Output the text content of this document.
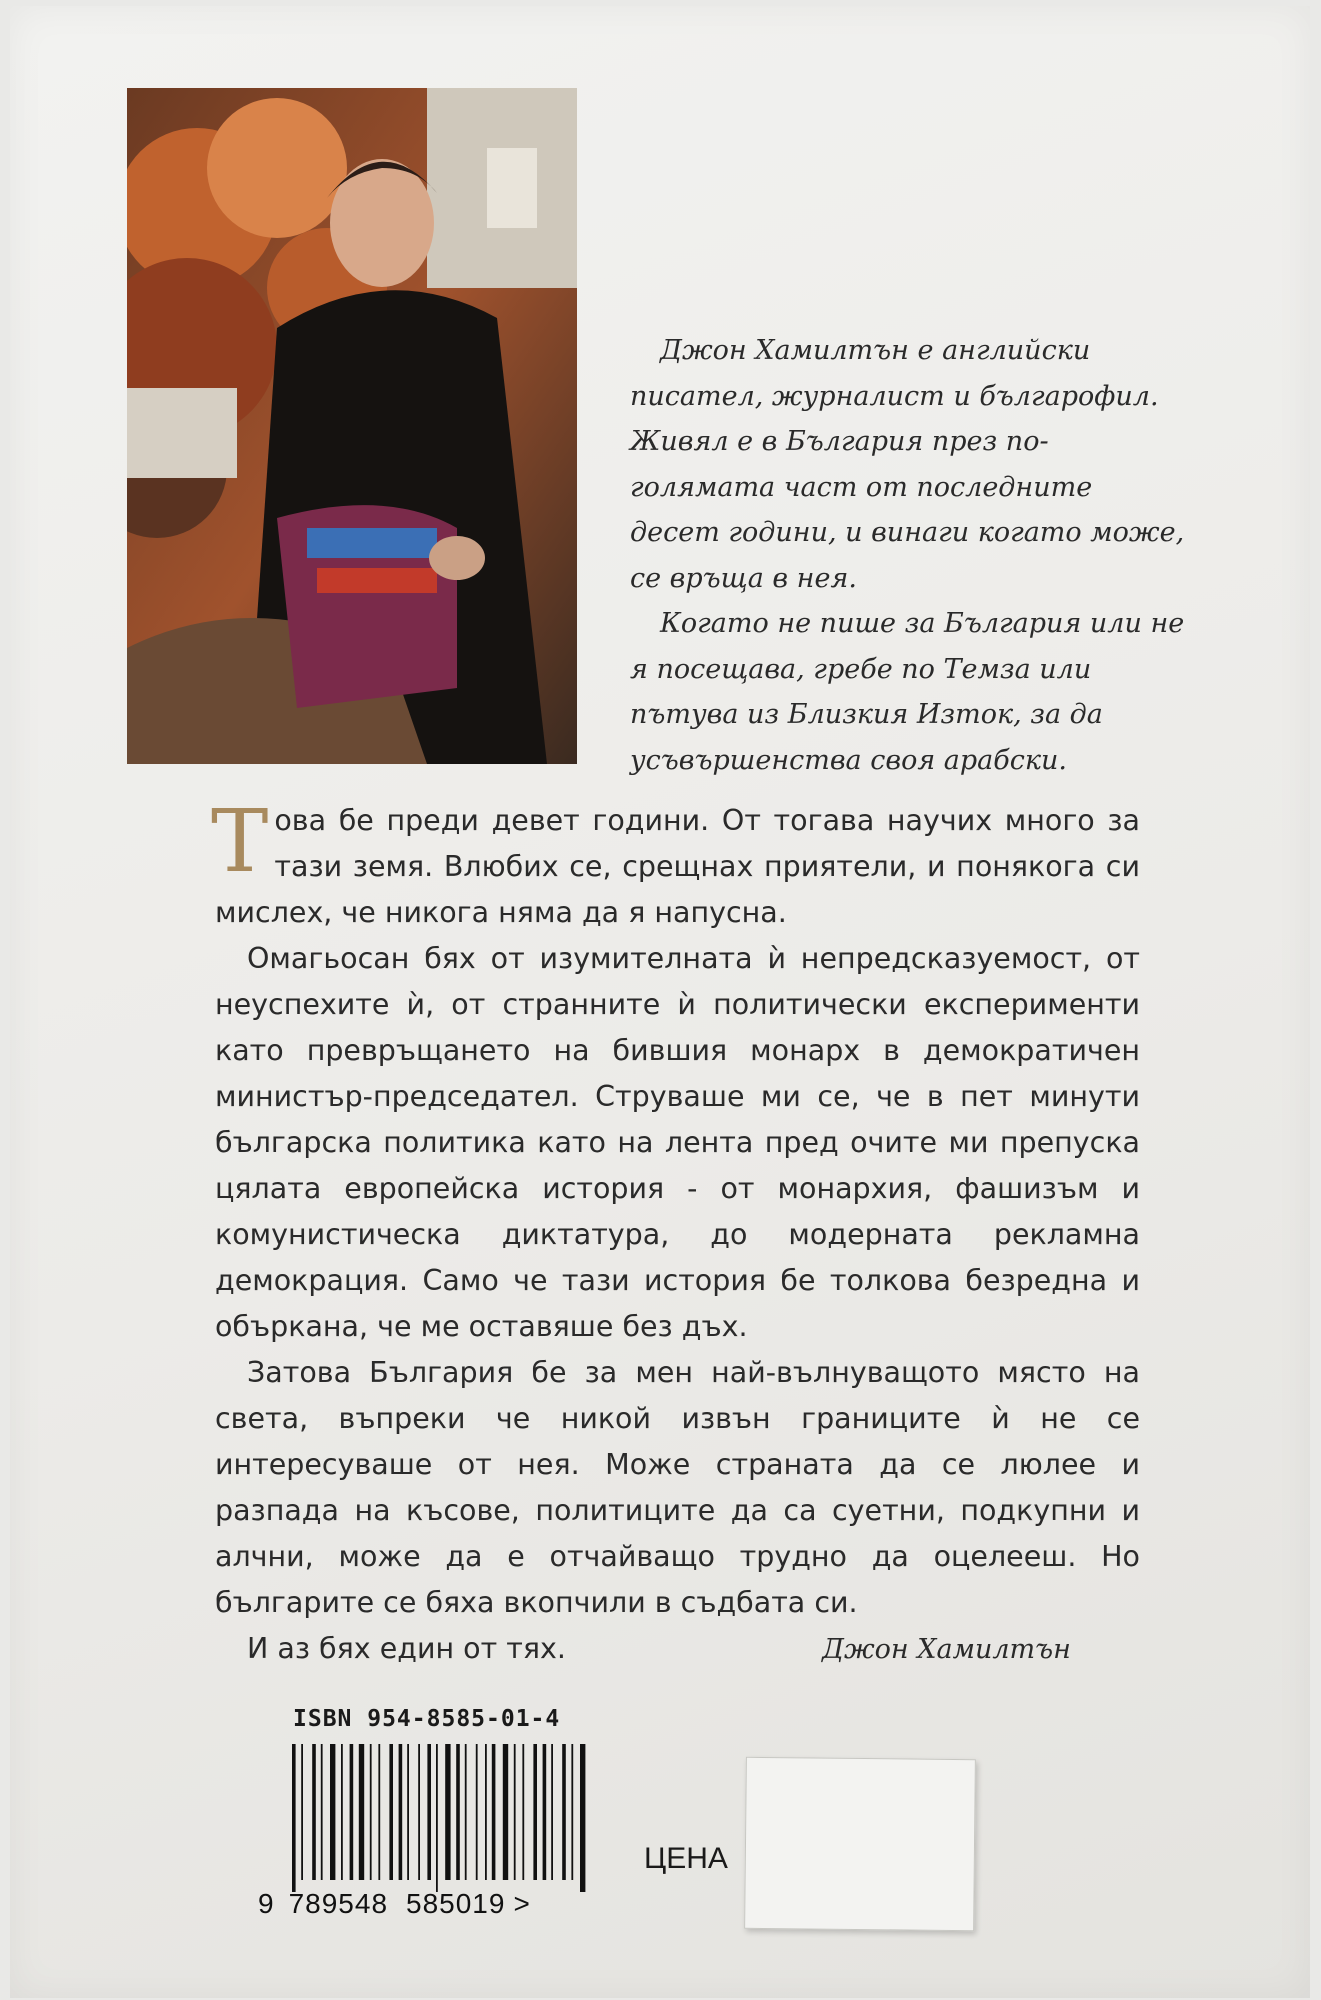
Джон Хамилтън е английски писател, журналист и българофил. Живял е в България през по-голямата част от последните десет години, и винаги когато може, се връща в нея.

Когато не пише за България или не я посещава, гребе по Темза или пътува из Близкия Изток, за да усъвършенства своя арабски.

Това бе преди девет години. От тогава научих много за тази земя. Влюбих се, срещнах приятели, и понякога си мислех, че никога няма да я напусна.

Омагьосан бях от изумителната ѝ непредсказуемост, от неуспехите ѝ, от странните ѝ политически експерименти като превръщането на бившия монарх в демократичен министър-председател. Струваше ми се, че в пет минути българска политика като на лента пред очите ми препуска цялата европейска история - от монархия, фашизъм и комунистическа диктатура, до модерната рекламна демокрация. Само че тази история бе толкова безредна и объркана, че ме оставяше без дъх.

Затова България бе за мен най-вълнуващото място на света, въпреки че никой извън границите ѝ не се интересуваше от нея. Може страната да се люлее и разпада на късове, политиците да са суетни, подкупни и алчни, може да е отчайващо трудно да оцелееш. Но българите се бяха вкопчили в съдбата си.

И аз бях един от тях.	Джон Хамилтън
ISBN 954-8585-01-4
9 789548 585019 >
ЦЕНА
